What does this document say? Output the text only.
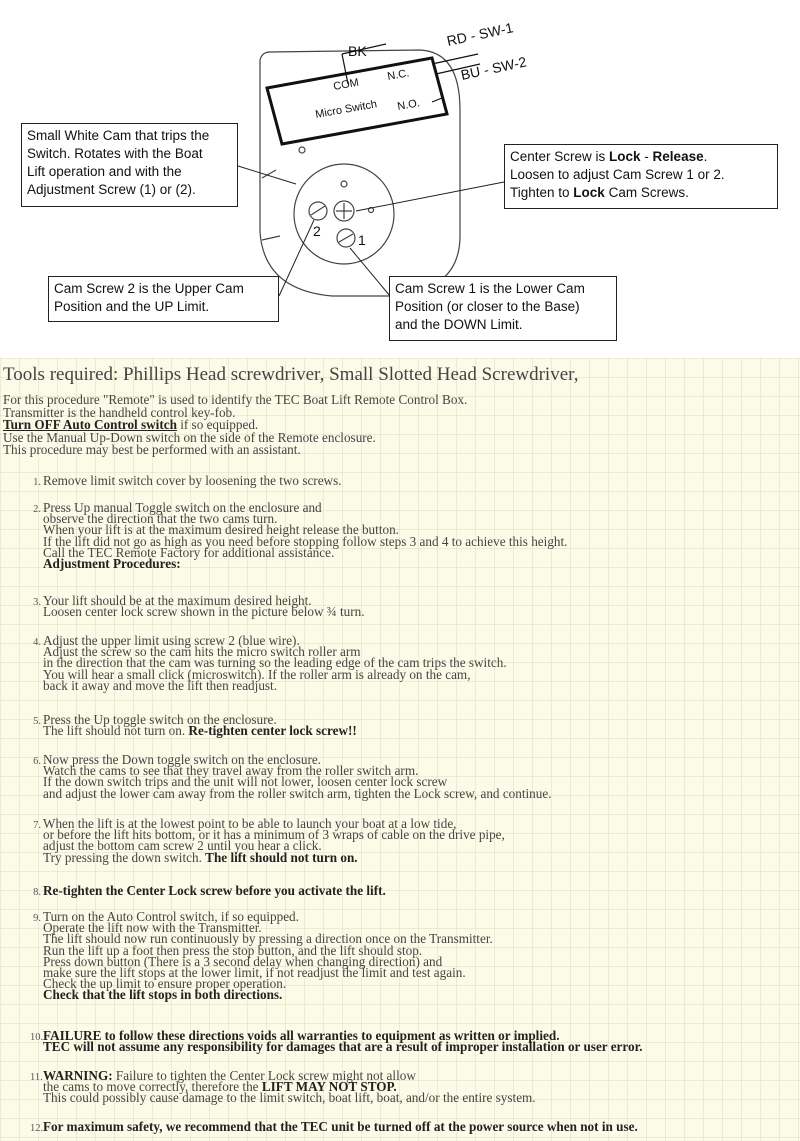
BK
RD - SW-1
BU - SW-2
COM
N.C.
Micro Switch N.O.
2
1
Small White Cam that trips the
Switch. Rotates with the Boat
Lift operation and with the
Adjustment Screw (1) or (2).
Center Screw is Lock - Release.
Loosen to adjust Cam Screw 1 or 2.
Tighten to Lock Cam Screws.
Cam Screw 2 is the Upper Cam
Position and the UP Limit.
Cam Screw 1 is the Lower Cam
Position (or closer to the Base)
and the DOWN Limit.
Tools required: Phillips Head screwdriver, Small Slotted Head Screwdriver,
For this procedure "Remote" is used to identify the TEC Boat Lift Remote Control Box.
Transmitter is the handheld control key-fob.
Turn OFF Auto Control switch if so equipped.
Use the Manual Up-Down switch on the side of the Remote enclosure.
This procedure may best be performed with an assistant.
1. Remove limit switch cover by loosening the two screws.
2. Press Up manual Toggle switch on the enclosure and
observe the direction that the two cams turn.
When your lift is at the maximum desired height release the button.
If the lift did not go as high as you need before stopping follow steps 3 and 4 to achieve this height.
Call the TEC Remote Factory for additional assistance.
Adjustment Procedures:
3. Your lift should be at the maximum desired height.
Loosen center lock screw shown in the picture below ¾ turn.
4. Adjust the upper limit using screw 2 (blue wire).
Adjust the screw so the cam hits the micro switch roller arm
in the direction that the cam was turning so the leading edge of the cam trips the switch.
You will hear a small click (microswitch). If the roller arm is already on the cam,
back it away and move the lift then readjust.
5. Press the Up toggle switch on the enclosure.
The lift should not turn on. Re-tighten center lock screw!!
6. Now press the Down toggle switch on the enclosure.
Watch the cams to see that they travel away from the roller switch arm.
If the down switch trips and the unit will not lower, loosen center lock screw
and adjust the lower cam away from the roller switch arm, tighten the Lock screw, and continue.
7. When the lift is at the lowest point to be able to launch your boat at a low tide,
or before the lift hits bottom, or it has a minimum of 3 wraps of cable on the drive pipe,
adjust the bottom cam screw 2 until you hear a click.
Try pressing the down switch. The lift should not turn on.
8. Re-tighten the Center Lock screw before you activate the lift.
9. Turn on the Auto Control switch, if so equipped.
Operate the lift now with the Transmitter.
The lift should now run continuously by pressing a direction once on the Transmitter.
Run the lift up a foot then press the stop button, and the lift should stop.
Press down button (There is a 3 second delay when changing direction) and
make sure the lift stops at the lower limit, if not readjust the limit and test again.
Check the up limit to ensure proper operation.
Check that the lift stops in both directions.
10. FAILURE to follow these directions voids all warranties to equipment as written or implied.
TEC will not assume any responsibility for damages that are a result of improper installation or user error.
11. WARNING: Failure to tighten the Center Lock screw might not allow
the cams to move correctly, therefore the LIFT MAY NOT STOP.
This could possibly cause damage to the limit switch, boat lift, boat, and/or the entire system.
12. For maximum safety, we recommend that the TEC unit be turned off at the power source when not in use.
